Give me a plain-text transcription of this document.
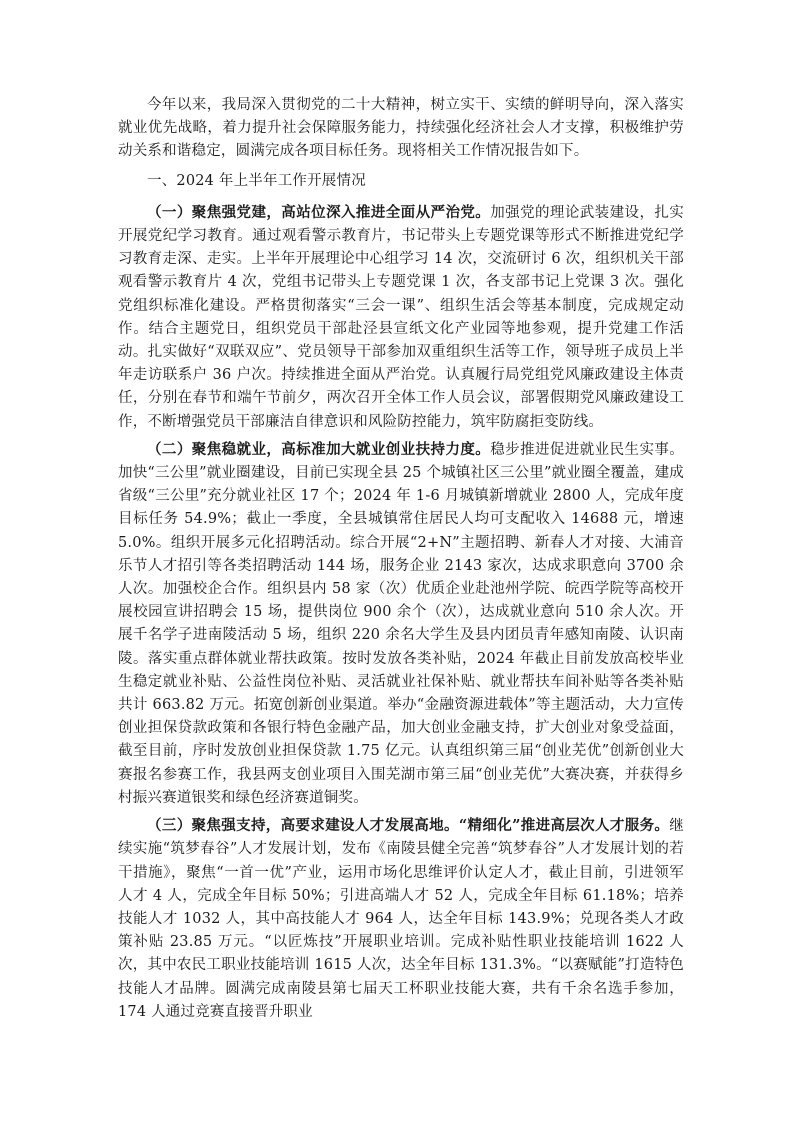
今年以来，我局深入贯彻党的二十大精神，树立实干、实绩的鲜明导向，深入落实就业优先战略，着力提升社会保障服务能力，持续强化经济社会人才支撑，积极维护劳动关系和谐稳定，圆满完成各项目标任务。现将相关工作情况报告如下。

一、2024 年上半年工作开展情况

（一）聚焦强党建，高站位深入推进全面从严治党。加强党的理论武装建设，扎实开展党纪学习教育。通过观看警示教育片，书记带头上专题党课等形式不断推进党纪学习教育走深、走实。上半年开展理论中心组学习 14 次，交流研讨 6 次，组织机关干部观看警示教育片 4 次，党组书记带头上专题党课 1 次，各支部书记上党课 3 次。强化党组织标准化建设。严格贯彻落实“三会一课”、组织生活会等基本制度，完成规定动作。结合主题党日，组织党员干部赴泾县宣纸文化产业园等地参观，提升党建工作活动。扎实做好“双联双应”、党员领导干部参加双重组织生活等工作，领导班子成员上半年走访联系户 36 户次。持续推进全面从严治党。认真履行局党组党风廉政建设主体责任，分别在春节和端午节前夕，两次召开全体工作人员会议，部署假期党风廉政建设工作，不断增强党员干部廉洁自律意识和风险防控能力，筑牢防腐拒变防线。

（二）聚焦稳就业，高标准加大就业创业扶持力度。稳步推进促进就业民生实事。加快“三公里”就业圈建设，目前已实现全县 25 个城镇社区三公里”就业圈全覆盖，建成省级“三公里”充分就业社区 17 个；2024 年 1-6 月城镇新增就业 2800 人，完成年度目标任务 54.9%；截止一季度，全县城镇常住居民人均可支配收入 14688 元，增速 5.0%。组织开展多元化招聘活动。综合开展“2+N”主题招聘、新春人才对接、大浦音乐节人才招引等各类招聘活动 144 场，服务企业 2143 家次，达成求职意向 3700 余人次。加强校企合作。组织县内 58 家（次）优质企业赴池州学院、皖西学院等高校开展校园宣讲招聘会 15 场，提供岗位 900 余个（次），达成就业意向 510 余人次。开展千名学子进南陵活动 5 场，组织 220 余名大学生及县内团员青年感知南陵、认识南陵。落实重点群体就业帮扶政策。按时发放各类补贴，2024 年截止目前发放高校毕业生稳定就业补贴、公益性岗位补贴、灵活就业社保补贴、就业帮扶车间补贴等各类补贴共计 663.82 万元。拓宽创新创业渠道。举办“金融资源进载体”等主题活动，大力宣传创业担保贷款政策和各银行特色金融产品，加大创业金融支持，扩大创业对象受益面，截至目前，序时发放创业担保贷款 1.75 亿元。认真组织第三届“创业芜优”创新创业大赛报名参赛工作，我县两支创业项目入围芜湖市第三届“创业芜优”大赛决赛，并获得乡村振兴赛道银奖和绿色经济赛道铜奖。

（三）聚焦强支持，高要求建设人才发展高地。“精细化”推进高层次人才服务。继续实施“筑梦春谷”人才发展计划，发布《南陵县健全完善“筑梦春谷”人才发展计划的若干措施》，聚焦“一首一优”产业，运用市场化思维评价认定人才，截止目前，引进领军人才 4 人，完成全年目标 50%；引进高端人才 52 人，完成全年目标 61.18%；培养技能人才 1032 人，其中高技能人才 964 人，达全年目标 143.9%；兑现各类人才政策补贴 23.85 万元。“以匠炼技”开展职业培训。完成补贴性职业技能培训 1622 人次，其中农民工职业技能培训 1615 人次，达全年目标 131.3%。“以赛赋能”打造特色技能人才品牌。圆满完成南陵县第七届天工杯职业技能大赛，共有千余名选手参加，174 人通过竞赛直接晋升职业
